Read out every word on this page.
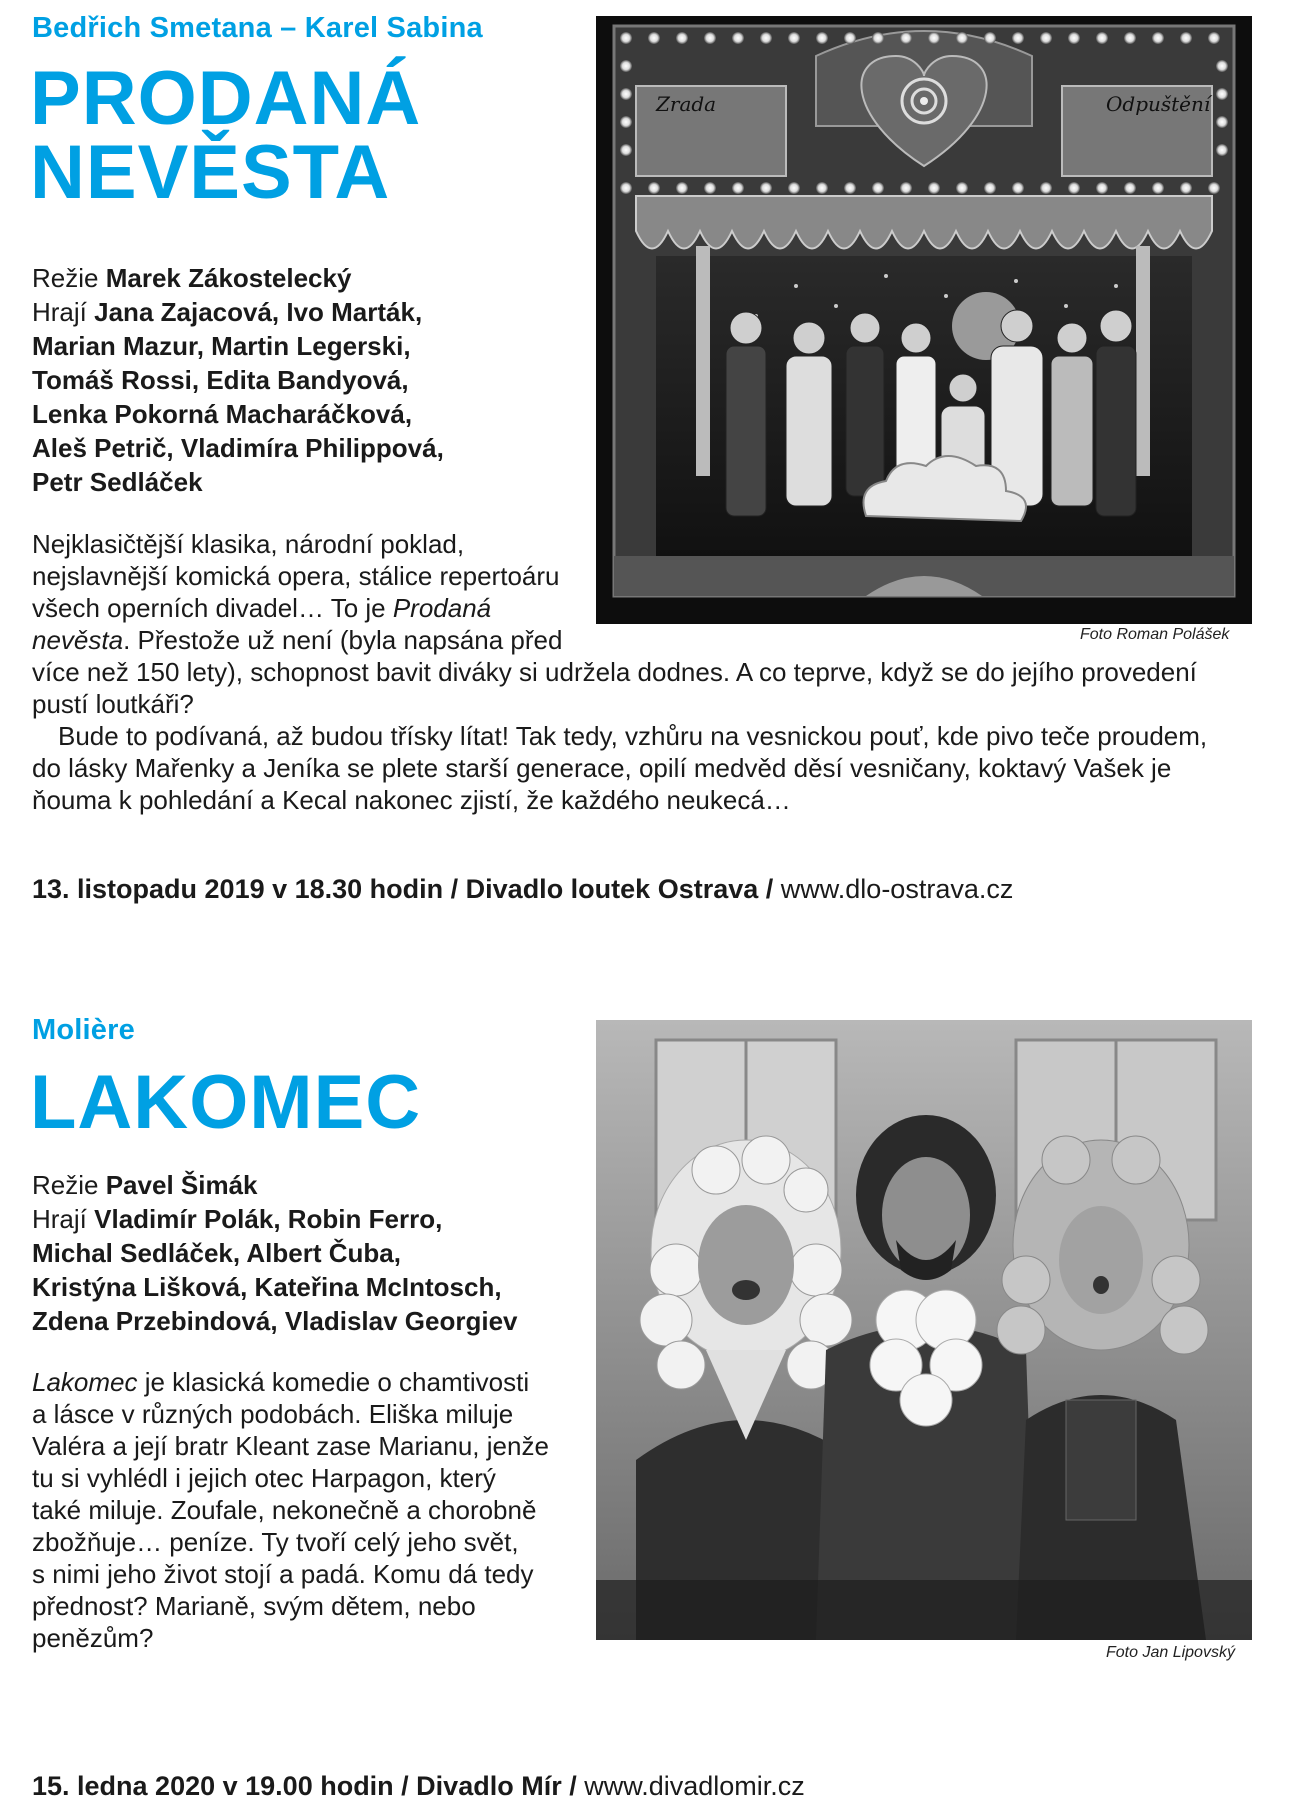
Bedřich Smetana – Karel Sabina
PRODANÁ
NEVĚSTA
Režie Marek Zákostelecký
Hrají Jana Zajacová, Ivo Marták,
Marian Mazur, Martin Legerski,
Tomáš Rossi, Edita Bandyová,
Lenka Pokorná Macharáčková,
Aleš Petrič, Vladimíra Philippová,
Petr Sedláček
Nejklasičtější klasika, národní poklad,
nejslavnější komická opera, stálice repertoáru
všech operních divadel… To je Prodaná
nevěsta. Přestože už není (byla napsána před
více než 150 lety), schopnost bavit diváky si udržela dodnes. A co teprve, když se do jejího provedení
pustí loutkáři?
Bude to podívaná, až budou třísky lítat! Tak tedy, vzhůru na vesnickou pouť, kde pivo teče proudem,
do lásky Mařenky a Jeníka se plete starší generace, opilí medvěd děsí vesničany, koktavý Vašek je
ňouma k pohledání a Kecal nakonec zjistí, že každého neukecá…
13. listopadu 2019 v 18.30 hodin / Divadlo loutek Ostrava / www.dlo-ostrava.cz
Zrada	Odpuštění
Foto Roman Polášek
Molière
LAKOMEC
Režie Pavel Šimák
Hrají Vladimír Polák, Robin Ferro,
Michal Sedláček, Albert Čuba,
Kristýna Lišková, Kateřina McIntosch,
Zdena Przebindová, Vladislav Georgiev
Lakomec je klasická komedie o chamtivosti
a lásce v různých podobách. Eliška miluje
Valéra a její bratr Kleant zase Marianu, jenže
tu si vyhlédl i jejich otec Harpagon, který
také miluje. Zoufale, nekonečně a chorobně
zbožňuje… peníze. Ty tvoří celý jeho svět,
s nimi jeho život stojí a padá. Komu dá tedy
přednost? Marianě, svým dětem, nebo
penězům?
15. ledna 2020 v 19.00 hodin / Divadlo Mír / www.divadlomir.cz
Foto Jan Lipovský
